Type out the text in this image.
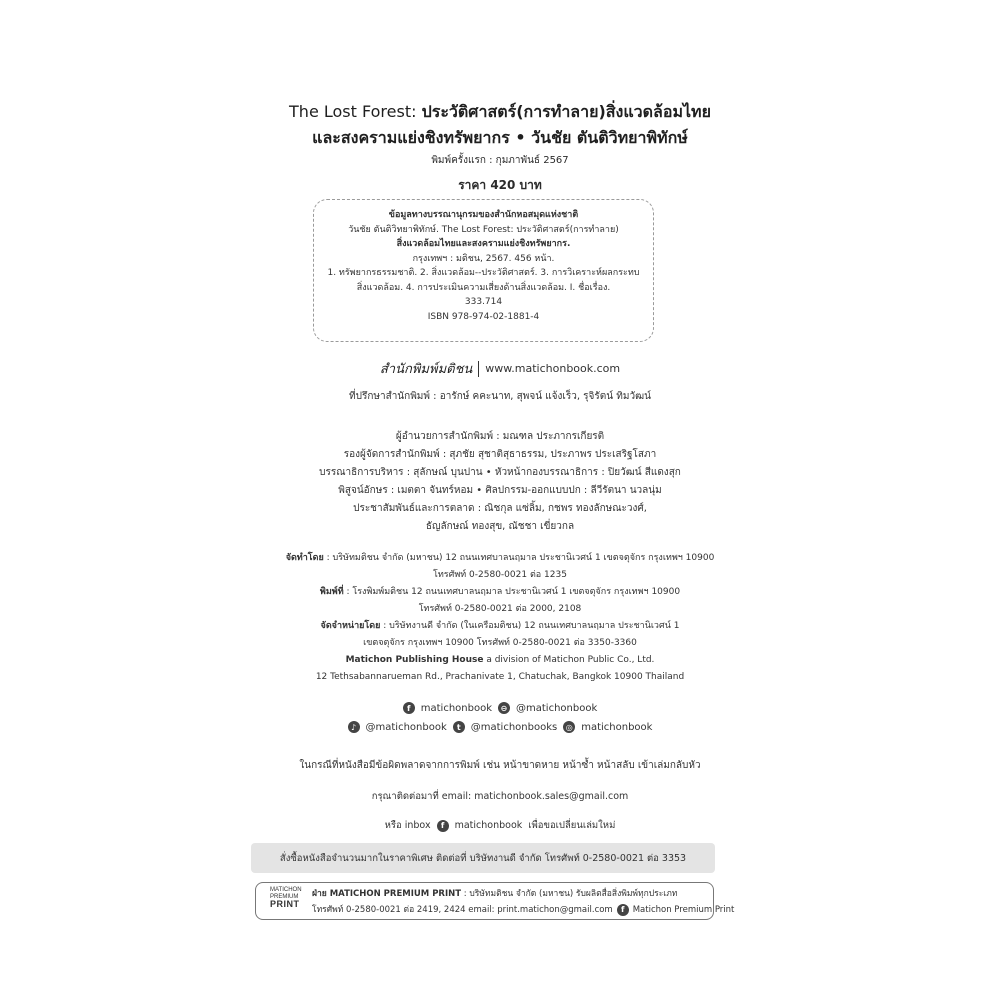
The Lost Forest: ประวัติศาสตร์(การทำลาย)สิ่งแวดล้อมไทย
และสงครามแย่งชิงทรัพยากร • วันชัย ตันติวิทยาพิทักษ์
พิมพ์ครั้งแรก : กุมภาพันธ์ 2567
ราคา 420 บาท
ข้อมูลทางบรรณานุกรมของสำนักหอสมุดแห่งชาติ
วันชัย ตันติวิทยาพิทักษ์. The Lost Forest: ประวัติศาสตร์(การทำลาย)
สิ่งแวดล้อมไทยและสงครามแย่งชิงทรัพยากร.
กรุงเทพฯ : มติชน, 2567. 456 หน้า.
1. ทรัพยากรธรรมชาติ. 2. สิ่งแวดล้อม--ประวัติศาสตร์. 3. การวิเคราะห์ผลกระทบ
สิ่งแวดล้อม. 4. การประเมินความเสี่ยงด้านสิ่งแวดล้อม. I. ชื่อเรื่อง.
333.714
ISBN 978-974-02-1881-4
สำนักพิมพ์มติชน www.matichonbook.com
ที่ปรึกษาสำนักพิมพ์ : อารักษ์ คคะนาท, สุพจน์ แจ้งเร็ว, รุจิรัตน์ ทิมวัฒน์
ผู้อำนวยการสำนักพิมพ์ : มณฑล ประภากรเกียรติ
รองผู้จัดการสำนักพิมพ์ : สุภชัย สุชาติสุธาธรรม, ประภาพร ประเสริฐโสภา
บรรณาธิการบริหาร : สุลักษณ์ บุนปาน • หัวหน้ากองบรรณาธิการ : ปิยวัฒน์ สีแดงสุก
พิสูจน์อักษร : เมตตา จันทร์หอม • ศิลปกรรม-ออกแบบปก : ลีวีรัตนา นวลนุ่ม
ประชาสัมพันธ์และการตลาด : ณิชกุล แซ่ลิ้ม, กชพร ทองลักษณะวงศ์,
ธัญลักษณ์ ทองสุข, ณัชชา เขี่ยวกล
จัดทำโดย : บริษัทมติชน จำกัด (มหาชน) 12 ถนนเทศบาลนฤมาล ประชานิเวศน์ 1 เขตจตุจักร กรุงเทพฯ 10900
โทรศัพท์ 0-2580-0021 ต่อ 1235
พิมพ์ที่ : โรงพิมพ์มติชน 12 ถนนเทศบาลนฤมาล ประชานิเวศน์ 1 เขตจตุจักร กรุงเทพฯ 10900
โทรศัพท์ 0-2580-0021 ต่อ 2000, 2108
จัดจำหน่ายโดย : บริษัทงานดี จำกัด (ในเครือมติชน) 12 ถนนเทศบาลนฤมาล ประชานิเวศน์ 1
เขตจตุจักร กรุงเทพฯ 10900 โทรศัพท์ 0-2580-0021 ต่อ 3350-3360
Matichon Publishing House a division of Matichon Public Co., Ltd.
12 Tethsabannarueman Rd., Prachanivate 1, Chatuchak, Bangkok 10900 Thailand
f	matichonbook	⊖ @matichonbook
♪ @matichonbook	t	@matichonbooks	◎ matichonbook
ในกรณีที่หนังสือมีข้อผิดพลาดจากการพิมพ์ เช่น หน้าขาดหาย หน้าซ้ำ หน้าสลับ เข้าเล่มกลับหัว
กรุณาติดต่อมาที่ email: matichonbook.sales@gmail.com
หรือ inbox	f	matichonbook เพื่อขอเปลี่ยนเล่มใหม่
สั่งซื้อหนังสือจำนวนมากในราคาพิเศษ ติดต่อที่ บริษัทงานดี จำกัด โทรศัพท์ 0-2580-0021 ต่อ 3353
MATICHON
PREMIUM
PRINT
ฝ่าย MATICHON PREMIUM PRINT : บริษัทมติชน จำกัด (มหาชน) รับผลิตสื่อสิ่งพิมพ์ทุกประเภท
โทรศัพท์ 0-2580-0021 ต่อ 2419, 2424 email: print.matichon@gmail.com	f Matichon Premium Print
